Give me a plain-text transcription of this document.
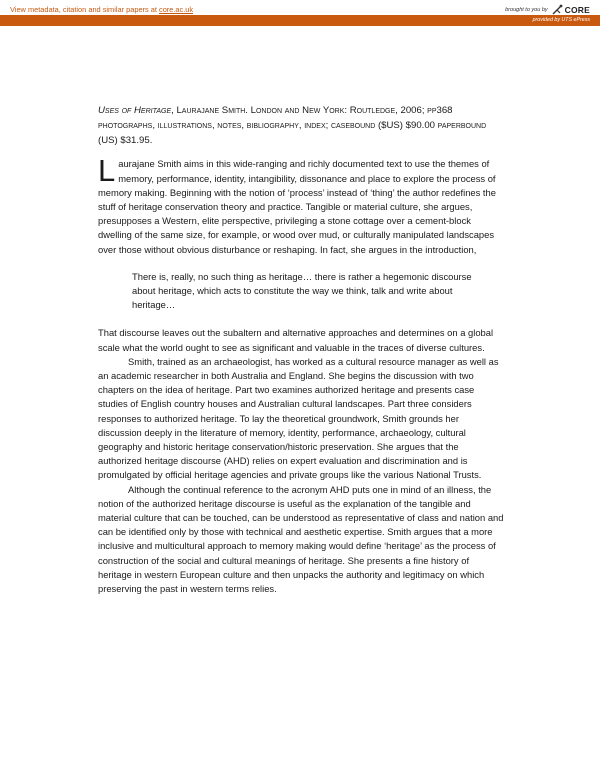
View metadata, citation and similar papers at core.ac.uk	brought to you by CORE
provided by UTS ePress

Uses of Heritage, Laurajane Smith. London and New York: Routledge, 2006; pp368 photographs, illustrations, notes, bibliography, index; casebound ($US) $90.00 paperbound (US) $31.95.

Laurajane Smith aims in this wide-ranging and richly documented text to use the themes of memory, performance, identity, intangibility, dissonance and place to explore the process of memory making. Beginning with the notion of ‘process’ instead of ‘thing’ the author redefines the stuff of heritage conservation theory and practice. Tangible or material culture, she argues, presupposes a Western, elite perspective, privileging a stone cottage over a cement-block dwelling of the same size, for example, or wood over mud, or culturally manipulated landscapes over those without obvious disturbance or reshaping. In fact, she argues in the introduction,

There is, really, no such thing as heritage… there is rather a hegemonic discourse about heritage, which acts to constitute the way we think, talk and write about heritage…

That discourse leaves out the subaltern and alternative approaches and determines on a global scale what the world ought to see as significant and valuable in the traces of diverse cultures.

Smith, trained as an archaeologist, has worked as a cultural resource manager as well as an academic researcher in both Australia and England. She begins the discussion with two chapters on the idea of heritage. Part two examines authorized heritage and presents case studies of English country houses and Australian cultural landscapes. Part three considers responses to authorized heritage. To lay the theoretical groundwork, Smith grounds her discussion deeply in the literature of memory, identity, performance, archaeology, cultural geography and historic heritage conservation/historic preservation. She argues that the authorized heritage discourse (AHD) relies on expert evaluation and discrimination and is promulgated by official heritage agencies and private groups like the various National Trusts.

Although the continual reference to the acronym AHD puts one in mind of an illness, the notion of the authorized heritage discourse is useful as the explanation of the tangible and material culture that can be touched, can be understood as representative of class and nation and can be identified only by those with technical and aesthetic expertise. Smith argues that a more inclusive and multicultural approach to memory making would define ‘heritage’ as the process of construction of the social and cultural meanings of heritage. She presents a fine history of heritage in western European culture and then unpacks the authority and legitimacy on which preserving the past in western terms relies.
